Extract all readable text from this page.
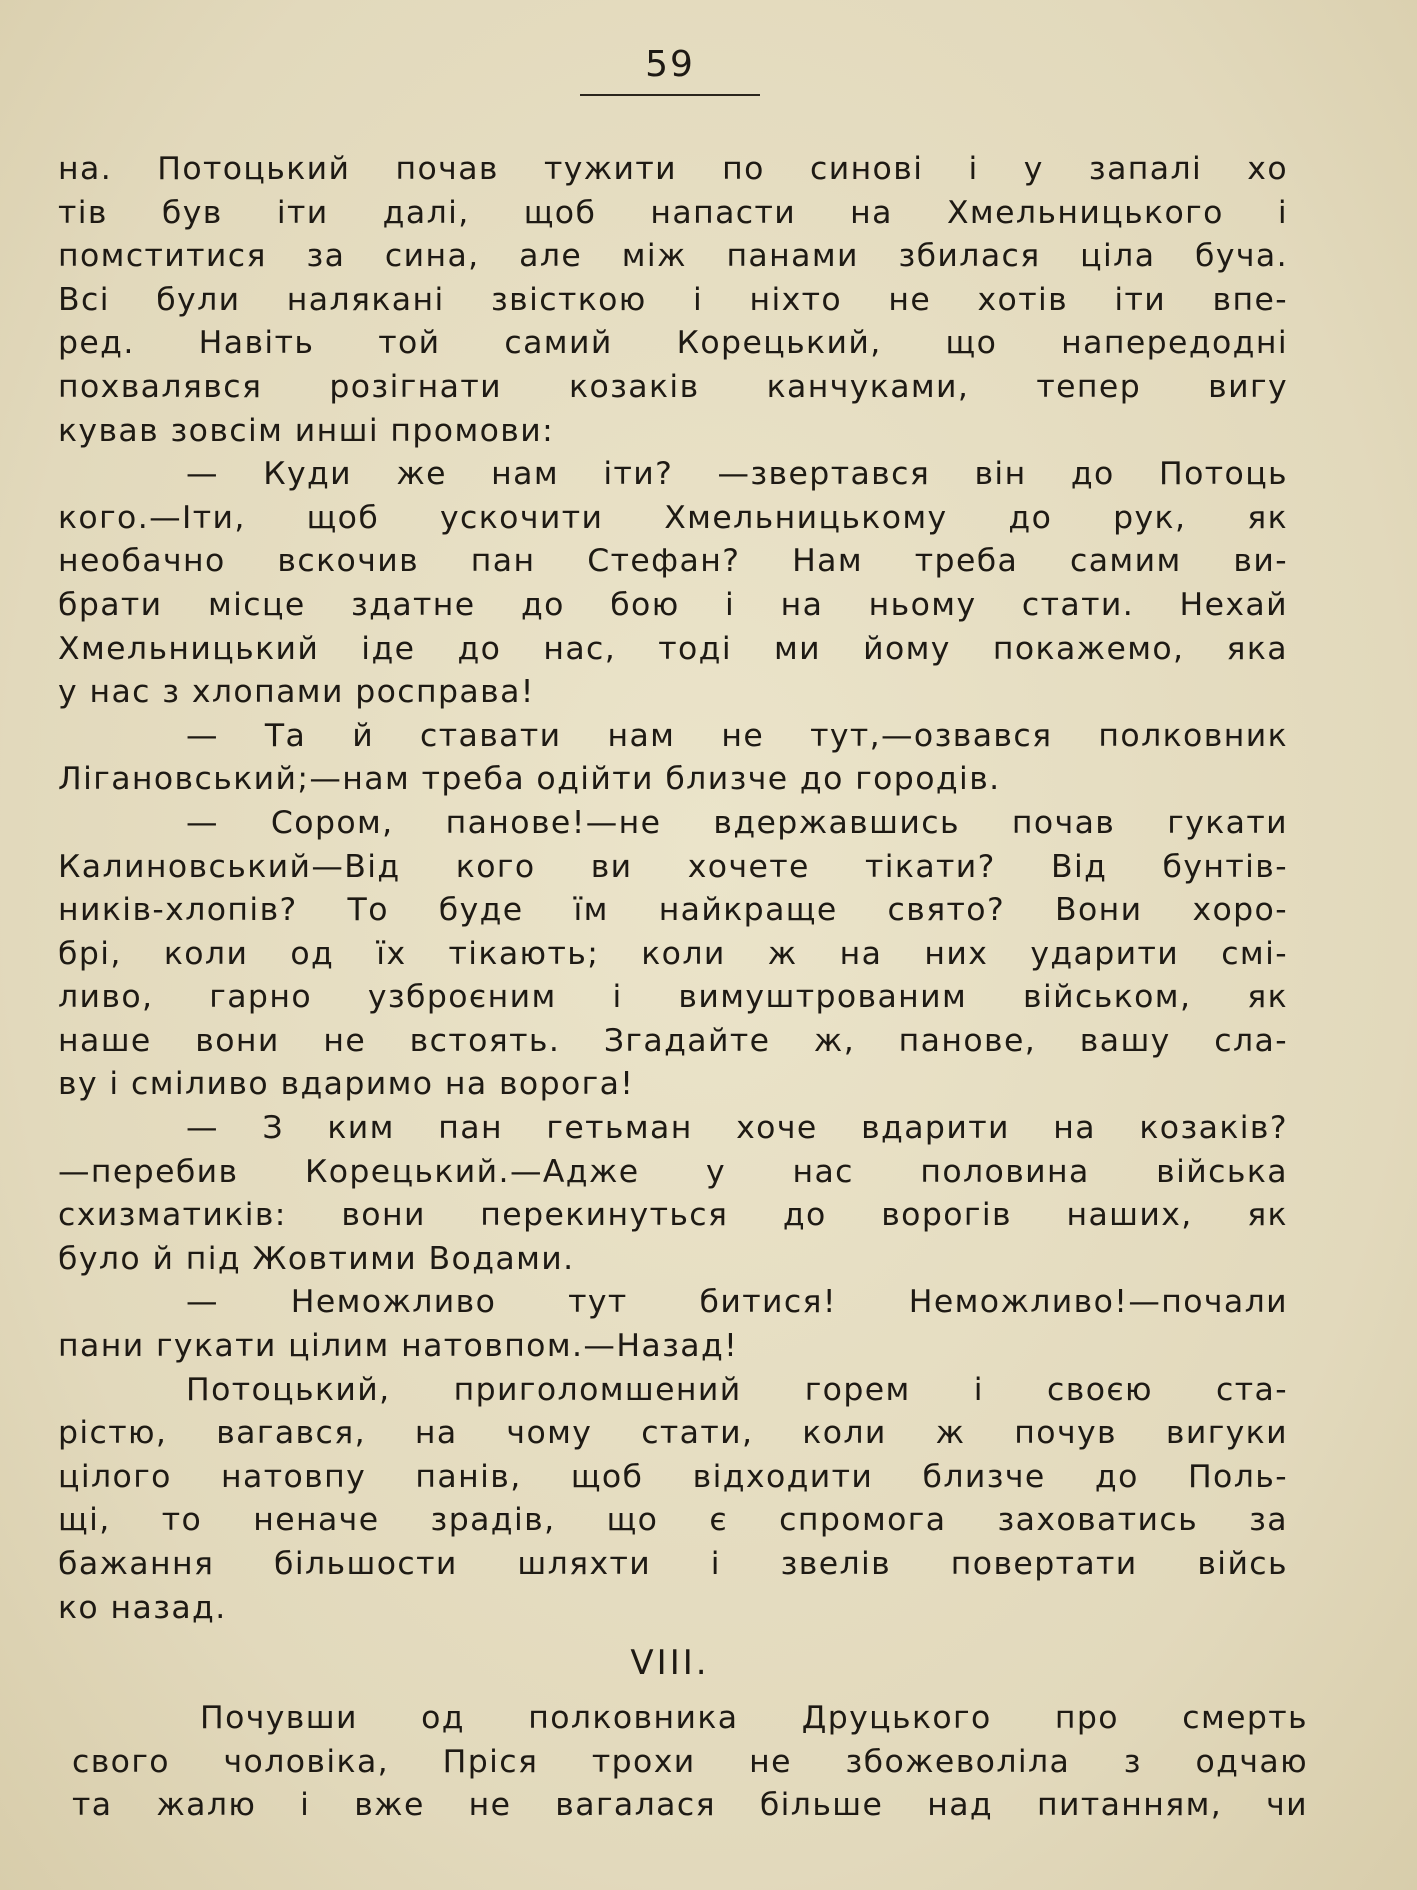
59
на. Потоцький почав тужити по синові і у запалі хо
тів був іти далі, щоб напасти на Хмельницького і
помститися за сина, але між панами збилася ціла буча.
Всі були налякані звісткою і ніхто не хотів іти впе-
ред. Навіть той самий Корецький, що напередодні
похвалявся розігнати козаків канчуками, тепер вигу
кував зовсім инші промови:
— Куди же нам іти? —звертався він до Потоць
кого.—Іти, щоб ускочити Хмельницькому до рук, як
необачно вскочив пан Стефан? Нам треба самим ви-
брати місце здатне до бою і на ньому стати. Нехай
Хмельницький іде до нас, тоді ми йому покажемо, яка
у нас з хлопами росправа!
— Та й ставати нам не тут,—озвався полковник
Лігановський;—нам треба одійти близче до городів.
— Сором, панове!—не вдержавшись почав гукати
Калиновський—Від кого ви хочете тікати? Від бунтів-
ників-хлопів? То буде їм найкраще свято? Вони хоро-
брі, коли од їх тікають; коли ж на них ударити смі-
ливо, гарно узброєним і вимуштрованим військом, як
наше вони не встоять. Згадайте ж, панове, вашу сла-
ву і сміливо вдаримо на ворога!
— З ким пан гетьман хоче вдарити на козаків?
—перебив Корецький.—Адже у нас половина війська
схизматиків: вони перекинуться до ворогів наших, як
було й під Жовтими Водами.
— Неможливо тут битися! Неможливо!—почали
пани гукати цілим натовпом.—Назад!
Потоцький, приголомшений горем і своєю ста-
рістю, вагався, на чому стати, коли ж почув вигуки
цілого натовпу панів, щоб відходити близче до Поль-
щі, то неначе зрадів, що є спромога заховатись за
бажання більшости шляхти і звелів повертати війсь
ко назад.
VIII.
Почувши од полковника Друцького про смерть
свого чоловіка, Пріся трохи не збожеволіла з одчаю
та жалю і вже не вагалася більше над питанням, чи
